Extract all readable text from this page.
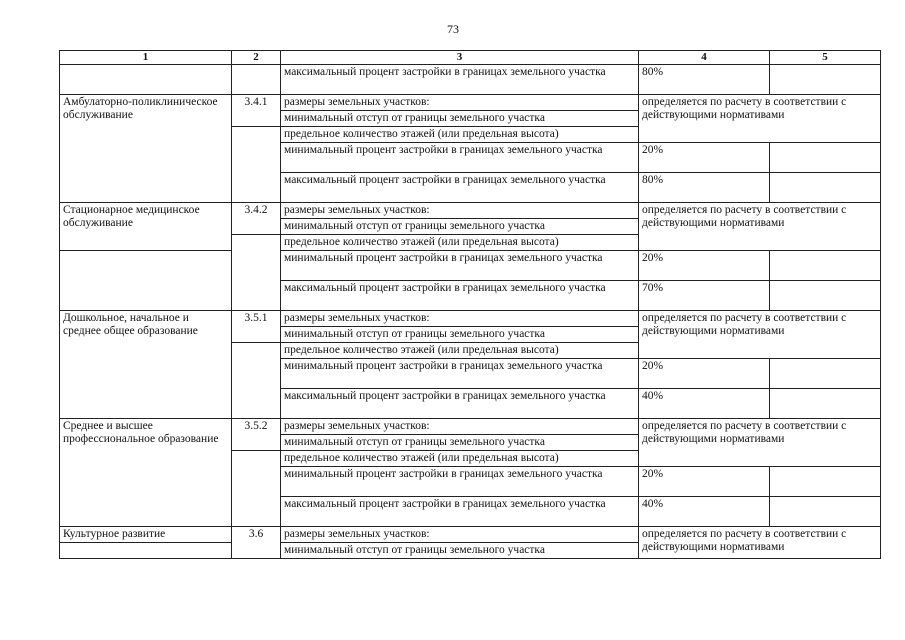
73
1	2	3	4	5
		максимальный процент застройки в границах земельного участка	80%	
Амбулаторно-поликлиническое обслуживание	3.4.1	размеры земельных участков:	определяется по расчету в соответствии с действующими нормативами	
		минимальный отступ от границы земельного участка		
		предельное количество этажей (или предельная высота)		
		минимальный процент застройки в границах земельного участка	20%	
		максимальный процент застройки в границах земельного участка	80%	
Стационарное медицинское обслуживание	3.4.2	размеры земельных участков:	определяется по расчету в соответствии с действующими нормативами	
		минимальный отступ от границы земельного участка		
		предельное количество этажей (или предельная высота)		
		минимальный процент застройки в границах земельного участка	20%	
		максимальный процент застройки в границах земельного участка	70%	
Дошкольное, начальное и среднее общее образование	3.5.1	размеры земельных участков:	определяется по расчету в соответствии с действующими нормативами	
		минимальный отступ от границы земельного участка		
		предельное количество этажей (или предельная высота)		
		минимальный процент застройки в границах земельного участка	20%	
		максимальный процент застройки в границах земельного участка	40%	
Среднее и высшее профессиональное образование	3.5.2	размеры земельных участков:	определяется по расчету в соответствии с действующими нормативами	
		минимальный отступ от границы земельного участка		
		предельное количество этажей (или предельная высота)		
		минимальный процент застройки в границах земельного участка	20%	
		максимальный процент застройки в границах земельного участка	40%	
Культурное развитие	3.6	размеры земельных участков:	определяется по расчету в соответствии с действующими нормативами	
		минимальный отступ от границы земельного участка		
